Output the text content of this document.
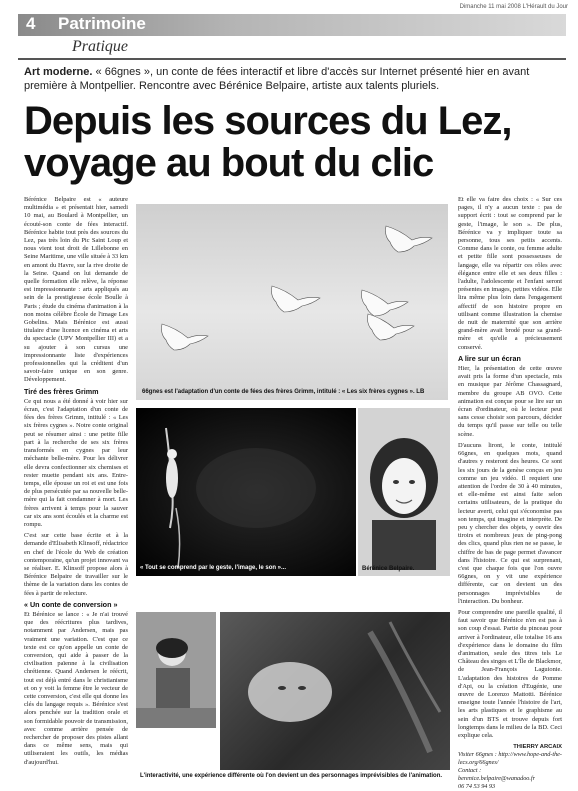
Dimanche 11 mai 2008 L'Hérault du Jour
4 Patrimoine
Pratique
Art moderne. « 66gnes », un conte de fées interactif et libre d'accès sur Internet présenté hier en avant première à Montpellier. Rencontre avec Bérénice Belpaire, artiste aux talents pluriels.
Depuis les sources du Lez,
voyage au bout du clic

Bérénice Belpaire est « auteure multimédia » et présentait hier, samedi 10 mai, au Boulard à Montpellier, un écouté-son conte de fées interactif. Bérénice habite tout près des sources du Lez, pas très loin du Pic Saint Loup et nous vient tout droit de Lillebonne en Seine Maritime, une ville située à 33 km en amont du Havre, sur la rive droite de la Seine. Quand on lui demande de quelle formation elle relève, la réponse est impressionnante : arts appliqués au sein de la prestigieuse école Boulle à Paris ; étude du cinéma d'animation à la non moins célèbre École de l'image Les Gobelins. Mais Bérénice est aussi titulaire d'une licence en cinéma et arts du spectacle (UPV Montpellier III) et a su ajouter à son cursus une impressionnante liste d'expériences professionnelles qui la créditent d'un savoir-faire unique en son genre. Développement.

Tiré des frères Grimm

Ce qui nous a été donné à voir hier sur écran, c'est l'adaptation d'un conte de fées des frères Grimm, intitulé : « Les six frères cygnes ». Notre conte original peut se résumer ainsi : une petite fille part à la recherche de ses six frères transformés en cygnes par leur méchante belle-mère. Pour les délivrer elle devra confectionner six chemises et rester muette pendant six ans. Entre-temps, elle épouse un roi et est une fois de plus persécutée par sa nouvelle belle-mère qui la fait condamner à mort. Les frères arrivent à temps pour la sauver car six ans sont écoulés et la charme est rompu.

C'est sur cette base écrite et à la demande d'Elisabeth Klinsoff, rédactrice en chef de l'école du Web de création contemporaine, qu'un projet innovant va se réaliser. E. Klinsoff propose alors à Bérénice Belpaire de travailler sur le thème de la variation dans les contes de fées à partir de relecture.

« Un conte de conversion »

Et Bérénice se lance : « Je n'ai trouvé que des réécritures plus tardives, notamment par Andersen, mais pas vraiment une variation. C'est que ce texte est ce qu'on appelle un conte de conversion, qui aide à passer de la civilisation païenne à la civilisation chrétienne. Quand Andersen le réécrit, tout est déjà entré dans le christianisme et on y voit la femme être le vecteur de cette conversion, c'est elle qui donne les clés du langage requis ». Bérénice s'est alors penchée sur la tradition orale et son formidable pouvoir de transmission, avec comme arrière pensée de rechercher de proposer des pistes allant dans ce même sens, mais qui utiliseraient les outils, les médias d'aujourd'hui.

66gnes est l'adaptation d'un conte de fées des frères Grimm, intitulé : « Les six frères cygnes ». LB
« Tout se comprend par le geste, l'image, le son »...	Bérénice Belpaire.
L'interactivité, une expérience différente où l'on devient un des personnages imprévisibles de l'animation.

Et elle va faire des choix : « Sur ces pages, il n'y a aucun texte : pas de support écrit : tout se comprend par le geste, l'image, le son ». De plus, Bérénice va y impliquer toute sa personne, tous ses petits accents. Comme dans le conte, ou femme adulte et petite fille sont possesseuses de langage, elle va répartir ces rôles avec élégance entre elle et ses deux filles : l'adulte, l'adolescente et l'enfant seront présentes en images, petites vidéos. Elle lira même plus loin dans l'engagement affectif de son histoire propre en utilisant comme illustration la chemise de nuit de maternité que son arrière grand-mère avait brodé pour sa grand-mère et qu'elle a précieusement conservé.

A lire sur un écran

Hier, la présentation de cette œuvre avait pris la forme d'un spectacle, mis en musique par Jérôme Chassagnard, membre du groupe AB OVO. Cette animation est conçue pour se lire sur un écran d'ordinateur, où le lecteur peut sans cesse choisir son parcours, décider du temps qu'il passe sur telle ou telle scène.

D'aucuns liront, le conte, intitulé 66gnes, en quelques mots, quand d'autres y resteront des heures. Ce sont les six jours de la genèse conçus en jeu comme un jeu vidéo. Il requiert une attention de l'ordre de 30 à 40 minutes, et elle-même est ainsi faite selon certains utilisateurs, de la pratique du lecteur averti, celui qui s'économise pas son temps, qui imagine et interprète. De peu y chercher des objets, y ouvrir des tiroirs et nombreux jeux de ping-pong des clics, quand plus rien ne se passe, le chiffre de bas de page permet d'avancer dans l'histoire. Ce qui est surprenant, c'est que chaque fois que l'on ouvre 66gnes, on y vit une expérience différente, car on devient un des personnages imprévisibles de l'interaction. Du bonheur.

Pour comprendre une pareille qualité, il faut savoir que Bérénice n'en est pas à son coup d'essai. Partie du pinceau pour arriver à l'ordinateur, elle totalise 16 ans d'expérience dans le domaine du film d'animation, seule des titres tels Le Château des singes et L'Île de Blackmor, de Jean-François Laguionie. L'adaptation des histoires de Pomme d'Api, ou la création d'Eugénie, une œuvre de Lorenzo Mattotti. Bérénice enseigne toute l'année l'histoire de l'art, les arts plastiques et le graphisme au sein d'un BTS et trouve depuis fort longtemps dans le milieu de la BD. Ceci explique cela.

THIERRY ARCAIX
Visiter 66gnes : http://www.hope-and-the-lecs.org/66gnes/
Contact :
berenice.belpaire@wanadoo.fr
06 74 53 94 93
